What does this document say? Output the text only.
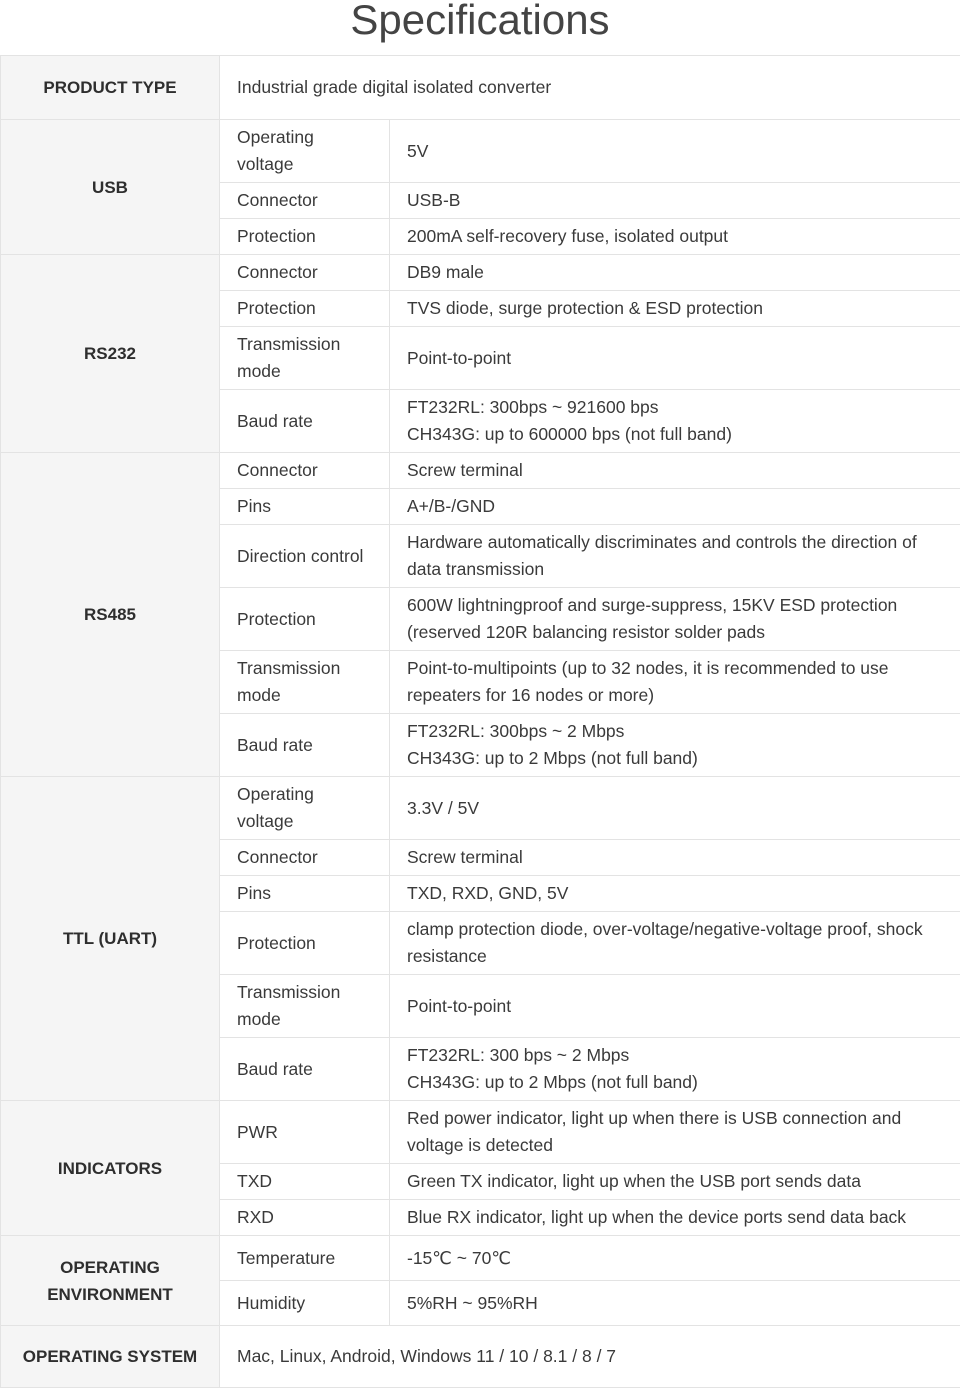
Specifications
PRODUCT TYPE	Industrial grade digital isolated converter	
USB	Operating voltage	5V
	Connector	USB-B
	Protection	200mA self-recovery fuse, isolated output
RS232	Connector	DB9 male
	Protection	TVS diode, surge protection & ESD protection
	Transmission mode	Point-to-point
	Baud rate	FT232RL: 300bps ~ 921600 bps
CH343G: up to 600000 bps (not full band)
RS485	Connector	Screw terminal
	Pins	A+/B-/GND
	Direction control	Hardware automatically discriminates and controls the direction of data transmission
	Protection	600W lightningproof and surge-suppress, 15KV ESD protection (reserved 120R balancing resistor solder pads
	Transmission mode	Point-to-multipoints (up to 32 nodes, it is recommended to use repeaters for 16 nodes or more)
	Baud rate	FT232RL: 300bps ~ 2 Mbps
CH343G: up to 2 Mbps (not full band)
TTL (UART)	Operating voltage	3.3V / 5V
	Connector	Screw terminal
	Pins	TXD, RXD, GND, 5V
	Protection	clamp protection diode, over-voltage/negative-voltage proof, shock resistance
	Transmission mode	Point-to-point
	Baud rate	FT232RL: 300 bps ~ 2 Mbps
CH343G: up to 2 Mbps (not full band)
INDICATORS	PWR	Red power indicator, light up when there is USB connection and voltage is detected
	TXD	Green TX indicator, light up when the USB port sends data
	RXD	Blue RX indicator, light up when the device ports send data back
OPERATING ENVIRONMENT	Temperature	-15℃ ~ 70℃
	Humidity	5%RH ~ 95%RH
OPERATING SYSTEM	Mac, Linux, Android, Windows 11 / 10 / 8.1 / 8 / 7	
